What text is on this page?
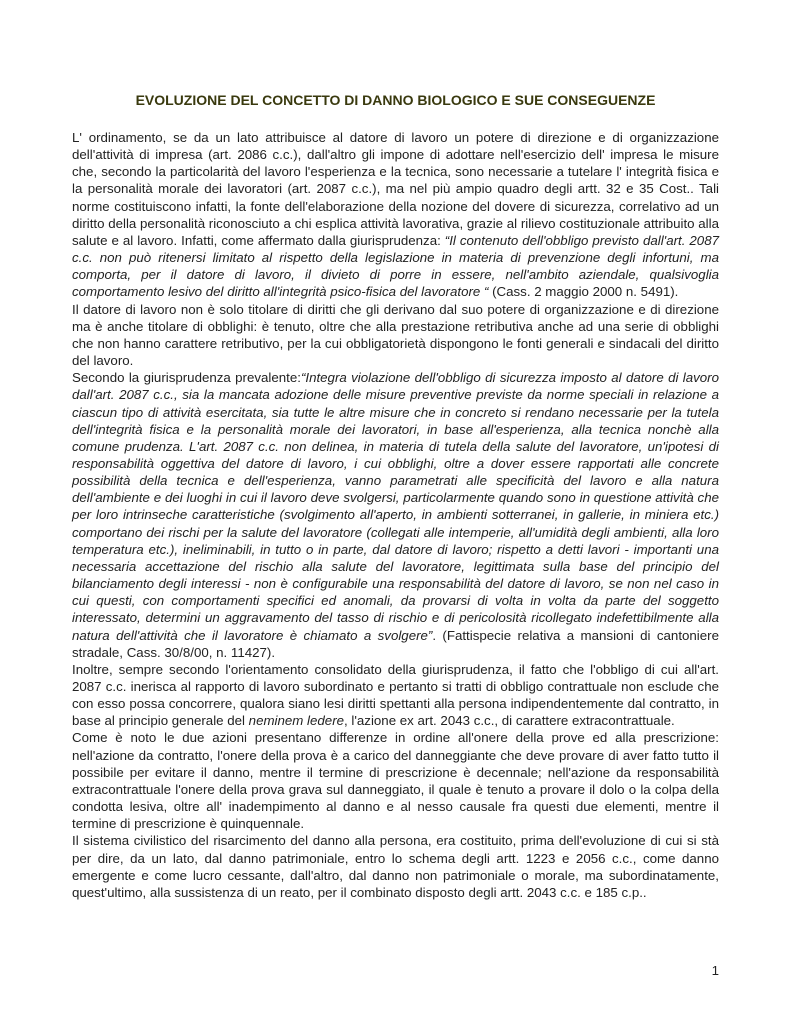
EVOLUZIONE DEL CONCETTO DI DANNO BIOLOGICO E SUE CONSEGUENZE

L' ordinamento, se da un lato attribuisce al datore di lavoro un potere di direzione e di organizzazione dell'attività di impresa (art. 2086 c.c.), dall'altro gli impone di adottare nell'esercizio dell' impresa le misure che, secondo la particolarità del lavoro l'esperienza e la tecnica, sono necessarie a tutelare l' integrità fisica e la personalità morale dei lavoratori (art. 2087 c.c.), ma nel più ampio quadro degli artt. 32 e 35 Cost.. Tali norme costituiscono infatti, la fonte dell'elaborazione della nozione del dovere di sicurezza, correlativo ad un diritto della personalità riconosciuto a chi esplica attività lavorativa, grazie al rilievo costituzionale attribuito alla salute e al lavoro. Infatti, come affermato dalla giurisprudenza: “Il contenuto dell'obbligo previsto dall'art. 2087 c.c. non può ritenersi limitato al rispetto della legislazione in materia di prevenzione degli infortuni, ma comporta, per il datore di lavoro, il divieto di porre in essere, nell'ambito aziendale, qualsivoglia comportamento lesivo del diritto all'integrità psico-fisica del lavoratore “ (Cass. 2 maggio 2000 n. 5491).

Il datore di lavoro non è solo titolare di diritti che gli derivano dal suo potere di organizzazione e di direzione ma è anche titolare di obblighi: è tenuto, oltre che alla prestazione retributiva anche ad una serie di obblighi che non hanno carattere retributivo, per la cui obbligatorietà dispongono le fonti generali e sindacali del diritto del lavoro.

Secondo la giurisprudenza prevalente:“Integra violazione dell'obbligo di sicurezza imposto al datore di lavoro dall'art. 2087 c.c., sia la mancata adozione delle misure preventive previste da norme speciali in relazione a ciascun tipo di attività esercitata, sia tutte le altre misure che in concreto si rendano necessarie per la tutela dell'integrità fisica e la personalità morale dei lavoratori, in base all'esperienza, alla tecnica nonchè alla comune prudenza. L'art. 2087 c.c. non delinea, in materia di tutela della salute del lavoratore, un'ipotesi di responsabilità oggettiva del datore di lavoro, i cui obblighi, oltre a dover essere rapportati alle concrete possibilità della tecnica e dell'esperienza, vanno parametrati alle specificità del lavoro e alla natura dell'ambiente e dei luoghi in cui il lavoro deve svolgersi, particolarmente quando sono in questione attività che per loro intrinseche caratteristiche (svolgimento all'aperto, in ambienti sotterranei, in gallerie, in miniera etc.) comportano dei rischi per la salute del lavoratore (collegati alle intemperie, all'umidità degli ambienti, alla loro temperatura etc.), ineliminabili, in tutto o in parte, dal datore di lavoro; rispetto a detti lavori - importanti una necessaria accettazione del rischio alla salute del lavoratore, legittimata sulla base del principio del bilanciamento degli interessi - non è configurabile una responsabilità del datore di lavoro, se non nel caso in cui questi, con comportamenti specifici ed anomali, da provarsi di volta in volta da parte del soggetto interessato, determini un aggravamento del tasso di rischio e di pericolosità ricollegato indefettibilmente alla natura dell'attività che il lavoratore è chiamato a svolgere”. (Fattispecie relativa a mansioni di cantoniere stradale, Cass. 30/8/00, n. 11427).

Inoltre, sempre secondo l'orientamento consolidato della giurisprudenza, il fatto che l'obbligo di cui all'art. 2087 c.c. inerisca al rapporto di lavoro subordinato e pertanto si tratti di obbligo contrattuale non esclude che con esso possa concorrere, qualora siano lesi diritti spettanti alla persona indipendentemente dal contratto, in base al principio generale del neminem ledere, l'azione ex art. 2043 c.c., di carattere extracontrattuale.

Come è noto le due azioni presentano differenze in ordine all'onere della prove ed alla prescrizione: nell'azione da contratto, l'onere della prova è a carico del danneggiante che deve provare di aver fatto tutto il possibile per evitare il danno, mentre il termine di prescrizione è decennale; nell'azione da responsabilità extracontrattuale l'onere della prova grava sul danneggiato, il quale è tenuto a provare il dolo o la colpa della condotta lesiva, oltre all' inadempimento al danno e al nesso causale fra questi due elementi, mentre il termine di prescrizione è quinquennale.

Il sistema civilistico del risarcimento del danno alla persona, era costituito, prima dell'evoluzione di cui si stà per dire, da un lato, dal danno patrimoniale, entro lo schema degli artt. 1223 e 2056 c.c., come danno emergente e come lucro cessante, dall'altro, dal danno non patrimoniale o morale, ma subordinatamente, quest'ultimo, alla sussistenza di un reato, per il combinato disposto degli artt. 2043 c.c. e 185 c.p..

1
